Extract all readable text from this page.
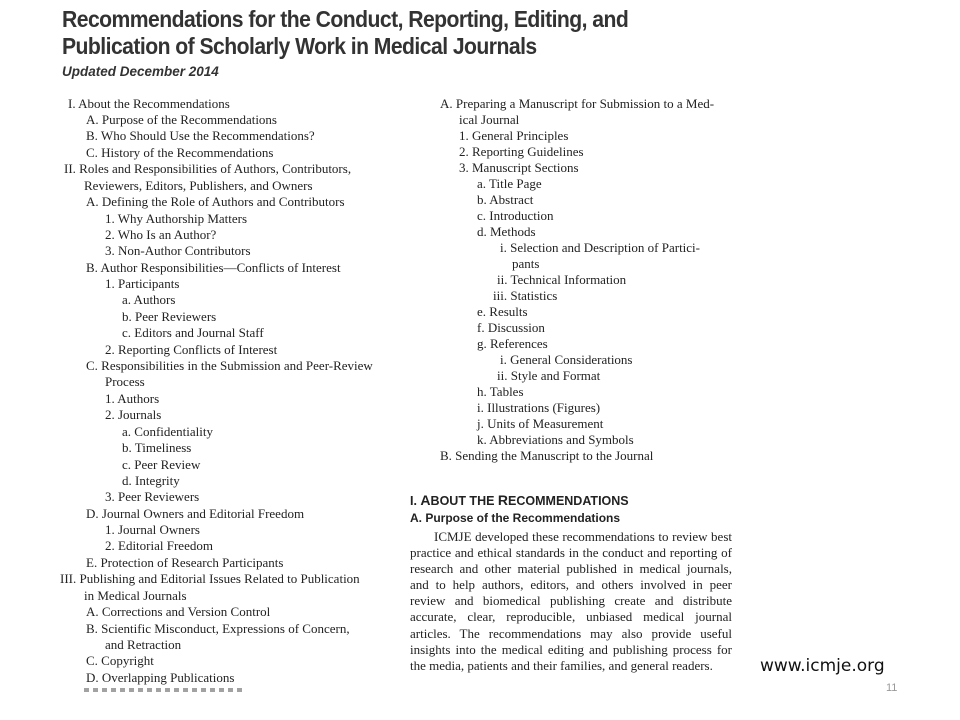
Recommendations for the Conduct, Reporting, Editing, and
Publication of Scholarly Work in Medical Journals
Updated December 2014
I. About the Recommendations
A. Purpose of the Recommendations
B. Who Should Use the Recommendations?
C. History of the Recommendations
II. Roles and Responsibilities of Authors, Contributors,
Reviewers, Editors, Publishers, and Owners
A. Defining the Role of Authors and Contributors
1. Why Authorship Matters
2. Who Is an Author?
3. Non-Author Contributors
B. Author Responsibilities—Conflicts of Interest
1. Participants
a. Authors
b. Peer Reviewers
c. Editors and Journal Staff
2. Reporting Conflicts of Interest
C. Responsibilities in the Submission and Peer-Review
Process
1. Authors
2. Journals
a. Confidentiality
b. Timeliness
c. Peer Review
d. Integrity
3. Peer Reviewers
D. Journal Owners and Editorial Freedom
1. Journal Owners
2. Editorial Freedom
E. Protection of Research Participants
III. Publishing and Editorial Issues Related to Publication
in Medical Journals
A. Corrections and Version Control
B. Scientific Misconduct, Expressions of Concern,
and Retraction
C. Copyright
D. Overlapping Publications
A. Preparing a Manuscript for Submission to a Med-
ical Journal
1. General Principles
2. Reporting Guidelines
3. Manuscript Sections
a. Title Page
b. Abstract
c. Introduction
d. Methods
i. Selection and Description of Partici-
pants
ii. Technical Information
iii. Statistics
e. Results
f. Discussion
g. References
i. General Considerations
ii. Style and Format
h. Tables
i. Illustrations (Figures)
j. Units of Measurement
k. Abbreviations and Symbols
B. Sending the Manuscript to the Journal
I. ABOUT THE RECOMMENDATIONS
A. Purpose of the Recommendations
ICMJE developed these recommendations to review best practice and ethical standards in the conduct and reporting of research and other material published in medical journals, and to help authors, editors, and others involved in peer review and biomedical publishing create and distribute accurate, clear, reproducible, unbiased medical journal articles. The recommendations may also provide useful insights into the medical editing and publishing process for the media, patients and their families, and general readers.	www.icmje.org
11
